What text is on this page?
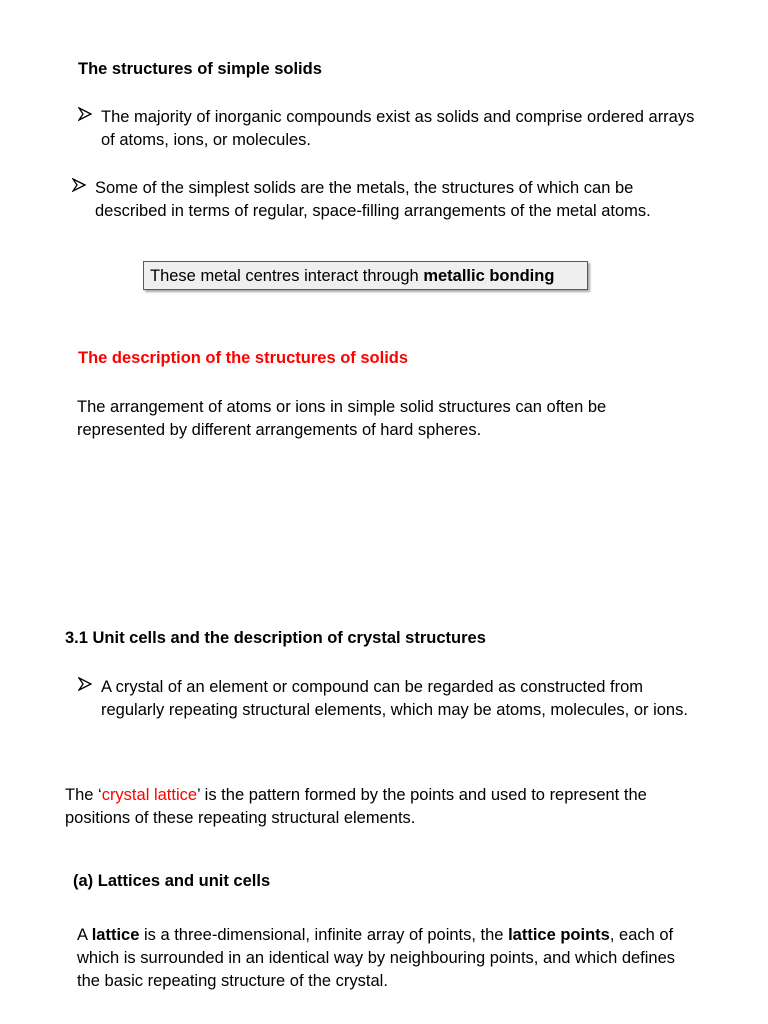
The structures of simple solids
The majority of inorganic compounds exist as solids and comprise ordered arrays of atoms, ions, or molecules.
Some of the simplest solids are the metals, the structures of which can be described in terms of regular, space-filling arrangements of the metal atoms.
These metal centres interact through metallic bonding
The description of the structures of solids
The arrangement of atoms or ions in simple solid structures can often be represented by different arrangements of hard spheres.
3.1 Unit cells and the description of crystal structures
A crystal of an element or compound can be regarded as constructed from regularly repeating structural elements, which may be atoms, molecules, or ions.
The ‘crystal lattice’ is the pattern formed by the points and used to represent the positions of these repeating structural elements.
(a) Lattices and unit cells
A lattice is a three-dimensional, infinite array of points, the lattice points, each of which is surrounded in an identical way by neighbouring points, and which defines the basic repeating structure of the crystal.
